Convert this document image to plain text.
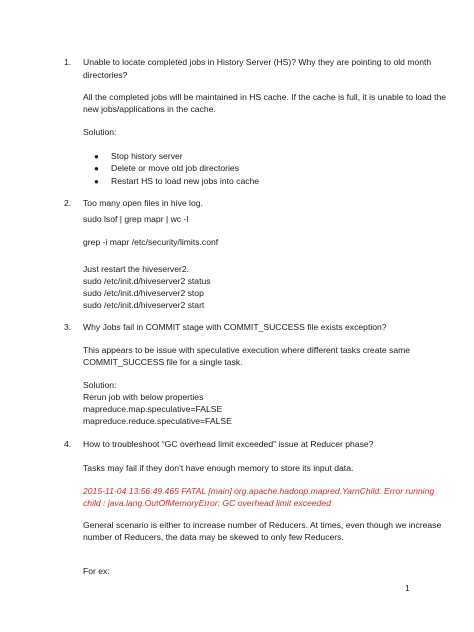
1. Unable to locate completed jobs in History Server (HS)? Why they are pointing to old month
directories?
All the completed jobs will be maintained in HS cache. If the cache is full, it is unable to load the
new jobs/applications in the cache.
Solution:
● Stop history server
● Delete or move old job directories
● Restart HS to load new jobs into cache
2. Too many open files in hive log.
sudo lsof | grep mapr | wc -l
grep -i mapr /etc/security/limits.conf
Just restart the hiveserver2.
sudo /etc/init.d/hiveserver2 status
sudo /etc/init.d/hiveserver2 stop
sudo /etc/init.d/hiveserver2 start
3. Why Jobs fail in COMMIT stage with COMMIT_SUCCESS file exists exception?
This appears to be issue with speculative execution where different tasks create same
COMMIT_SUCCESS file for a single task.
Solution:
Rerun job with below properties
mapreduce.map.speculative=FALSE
mapreduce.reduce.speculative=FALSE
4. How to troubleshoot “GC overhead limit exceeded” issue at Reducer phase?
Tasks may fail if they don’t have enough memory to store its input data.
2015-11-04 13:56:49.465 FATAL [main] org.apache.hadoop.mapred.YarnChild: Error running
child : java.lang.OutOfMemoryError: GC overhead limit exceeded
General scenario is either to increase number of Reducers. At times, even though we increase
number of Reducers, the data may be skewed to only few Reducers.
For ex:
1
